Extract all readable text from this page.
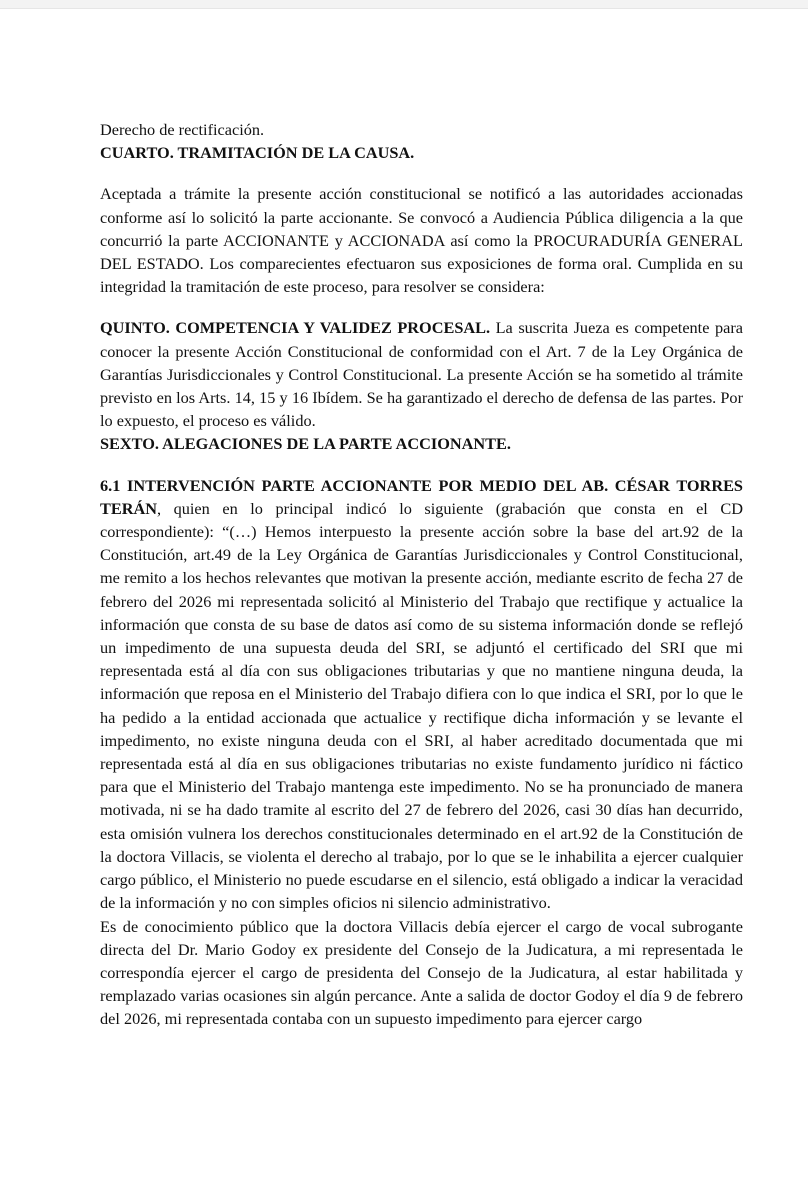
Derecho de rectificación.

CUARTO. TRAMITACIÓN DE LA CAUSA.

Aceptada a trámite la presente acción constitucional se notificó a las autoridades accionadas conforme así lo solicitó la parte accionante. Se convocó a Audiencia Pública diligencia a la que concurrió la parte ACCIONANTE y ACCIONADA así como la PROCURADURÍA GENERAL DEL ESTADO. Los comparecientes efectuaron sus exposiciones de forma oral. Cumplida en su integridad la tramitación de este proceso, para resolver se considera:

QUINTO. COMPETENCIA Y VALIDEZ PROCESAL. La suscrita Jueza es competente para conocer la presente Acción Constitucional de conformidad con el Art. 7 de la Ley Orgánica de Garantías Jurisdiccionales y Control Constitucional. La presente Acción se ha sometido al trámite previsto en los Arts. 14, 15 y 16 Ibídem. Se ha garantizado el derecho de defensa de las partes. Por lo expuesto, el proceso es válido.

SEXTO. ALEGACIONES DE LA PARTE ACCIONANTE.

6.1 INTERVENCIÓN PARTE ACCIONANTE POR MEDIO DEL AB. CÉSAR TORRES TERÁN, quien en lo principal indicó lo siguiente (grabación que consta en el CD correspondiente): “(…) Hemos interpuesto la presente acción sobre la base del art.92 de la Constitución, art.49 de la Ley Orgánica de Garantías Jurisdiccionales y Control Constitucional, me remito a los hechos relevantes que motivan la presente acción, mediante escrito de fecha 27 de febrero del 2026 mi representada solicitó al Ministerio del Trabajo que rectifique y actualice la información que consta de su base de datos así como de su sistema información donde se reflejó un impedimento de una supuesta deuda del SRI, se adjuntó el certificado del SRI que mi representada está al día con sus obligaciones tributarias y que no mantiene ninguna deuda, la información que reposa en el Ministerio del Trabajo difiera con lo que indica el SRI, por lo que le ha pedido a la entidad accionada que actualice y rectifique dicha información y se levante el impedimento, no existe ninguna deuda con el SRI, al haber acreditado documentada que mi representada está al día en sus obligaciones tributarias no existe fundamento jurídico ni fáctico para que el Ministerio del Trabajo mantenga este impedimento. No se ha pronunciado de manera motivada, ni se ha dado tramite al escrito del 27 de febrero del 2026, casi 30 días han decurrido, esta omisión vulnera los derechos constitucionales determinado en el art.92 de la Constitución de la doctora Villacis, se violenta el derecho al trabajo, por lo que se le inhabilita a ejercer cualquier cargo público, el Ministerio no puede escudarse en el silencio, está obligado a indicar la veracidad de la información y no con simples oficios ni silencio administrativo.

Es de conocimiento público que la doctora Villacis debía ejercer el cargo de vocal subrogante directa del Dr. Mario Godoy ex presidente del Consejo de la Judicatura, a mi representada le correspondía ejercer el cargo de presidenta del Consejo de la Judicatura, al estar habilitada y remplazado varias ocasiones sin algún percance. Ante a salida de doctor Godoy el día 9 de febrero del 2026, mi representada contaba con un supuesto impedimento para ejercer cargo
